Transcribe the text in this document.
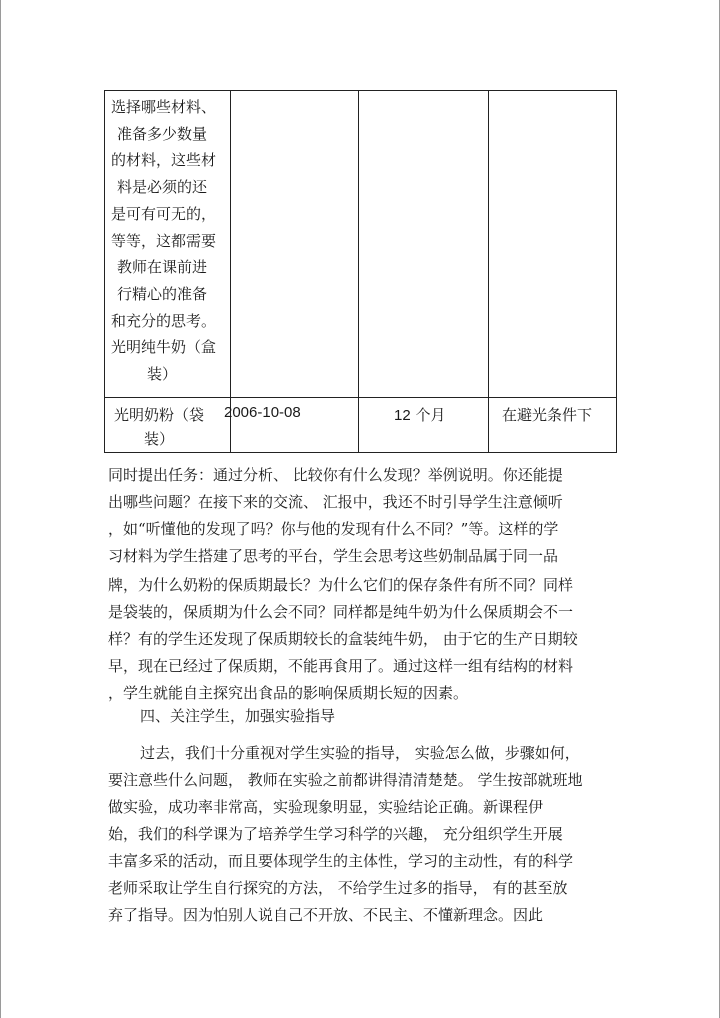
选择哪些材料、
准备多少数量
的材料，这些材
料是必须的还
是可有可无的，
等等，这都需要
教师在课前进
行精心的准备
和充分的思考。
光明纯牛奶（盒
装）
光明奶粉（袋
装）
2006-10-08	12 个月	在避光条件下
同时提出任务：通过分析、 比较你有什么发现？举例说明。你还能提
出哪些问题？在接下来的交流、 汇报中，我还不时引导学生注意倾听
，如“听懂他的发现了吗？你与他的发现有什么不同？”等。这样的学
习材料为学生搭建了思考的平台，学生会思考这些奶制品属于同一品
牌，为什么奶粉的保质期最长？为什么它们的保存条件有所不同？同样
是袋装的，保质期为什么会不同？同样都是纯牛奶为什么保质期会不一
样？有的学生还发现了保质期较长的盒装纯牛奶， 由于它的生产日期较
早，现在已经过了保质期，不能再食用了。通过这样一组有结构的材料
，学生就能自主探究出食品的影响保质期长短的因素。
四、关注学生，加强实验指导
过去，我们十分重视对学生实验的指导， 实验怎么做，步骤如何，
要注意些什么问题， 教师在实验之前都讲得清清楚楚。 学生按部就班地
做实验，成功率非常高，实验现象明显，实验结论正确。新课程伊
始，我们的科学课为了培养学生学习科学的兴趣， 充分组织学生开展
丰富多采的活动，而且要体现学生的主体性，学习的主动性，有的科学
老师采取让学生自行探究的方法， 不给学生过多的指导， 有的甚至放
弃了指导。因为怕别人说自己不开放、不民主、不懂新理念。因此
